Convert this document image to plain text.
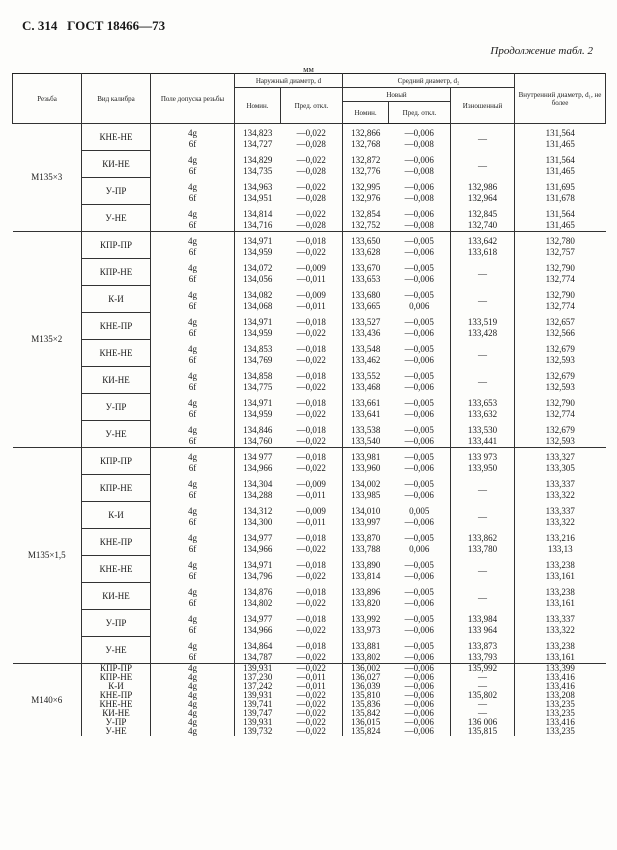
С. 314 ГОСТ 18466—73
Продолжение табл. 2
мм
Резьба	Вид калибра	Поле допуска резьбы	Наружный диаметр, d		Средний диаметр, d₂			Внутренний диаметр, d₁, не более
			Номин.	Пред. откл.	Новый		Изношенный	
					Номин.	Пред. откл.		
M135×3	КНЕ-НЕ	4g	134,823	—0,022	132,866	—0,006	—	131,564
		6f	134,727	—0,028	132,768	—0,008		131,465
	КИ-НЕ	4g	134,829	—0,022	132,872	—0,006	—	131,564
		6f	134,735	—0,028	132,776	—0,008		131,465
	У-ПР	4g	134,963	—0,022	132,995	—0,006	132,986	131,695
		6f	134,951	—0,028	132,976	—0,008	132,964	131,678
	У-НЕ	4g	134,814	—0,022	132,854	—0,006	132,845	131,564
		6f	134,716	—0,028	132,752	—0,008	132,740	131,465
M135×2	КПР-ПР	4g	134,971	—0,018	133,650	—0,005	133,642	132,780
		6f	134,959	—0,022	133,628	—0,006	133,618	132,757
	КПР-НЕ	4g	134,072	—0,009	133,670	—0,005	—	132,790
		6f	134,056	—0,011	133,653	—0,006		132,774
	К-И	4g	134,082	—0,009	133,680	—0,005	—	132,790
		6f	134,068	—0,011	133,665	0,006		132,774
	КНЕ-ПР	4g	134,971	—0,018	133,527	—0,005	133,519	132,657
		6f	134,959	—0,022	133,436	—0,006	133,428	132,566
	КНЕ-НЕ	4g	134,853	—0,018	133,548	—0,005	—	132,679
		6f	134,769	—0,022	133,462	—0,006		132,593
	КИ-НЕ	4g	134,858	—0,018	133,552	—0,005	—	132,679
		6f	134,775	—0,022	133,468	—0,006		132,593
	У-ПР	4g	134,971	—0,018	133,661	—0,005	133,653	132,790
		6f	134,959	—0,022	133,641	—0,006	133,632	132,774
	У-НЕ	4g	134,846	—0,018	133,538	—0,005	133,530	132,679
		6f	134,760	—0,022	133,540	—0,006	133,441	132,593
M135×1,5	КПР-ПР	4g	134 977	—0,018	133,981	—0,005	133 973	133,327
		6f	134,966	—0,022	133,960	—0,006	133,950	133,305
	КПР-НЕ	4g	134,304	—0,009	134,002	—0,005	—	133,337
		6f	134,288	—0,011	133,985	—0,006		133,322
	К-И	4g	134,312	—0,009	134,010	0,005	—	133,337
		6f	134,300	—0,011	133,997	—0,006		133,322
	КНЕ-ПР	4g	134,977	—0,018	133,870	—0,005	133,862	133,216
		6f	134,966	—0,022	133,788	0,006	133,780	133,13
	КНЕ-НЕ	4g	134,971	—0,018	133,890	—0,005	—	133,238
		6f	134,796	—0,022	133,814	—0,006		133,161
	КИ-НЕ	4g	134,876	—0,018	133,896	—0,005	—	133,238
		6f	134,802	—0,022	133,820	—0,006		133,161
	У-ПР	4g	134,977	—0,018	133,992	—0,005	133,984	133,337
		6f	134,966	—0,022	133,973	—0,006	133 964	133,322
	У-НЕ	4g	134,864	—0,018	133,881	—0,005	133,873	133,238
		6f	134,787	—0,022	133,802	—0,006	133,793	133,161
M140×6	КПР-ПР	4g	139,931	—0,022	136,002	—0,006	135,992	133,399
	КПР-НЕ	4g	137,230	—0,011	136,027	—0,006	—	133,416
	К-И	4g	137,242	—0,011	136,039	—0,006	—	133,416
	КНЕ-ПР	4g	139,931	—0,022	135,810	—0,006	135,802	133,208
	КНЕ-НЕ	4g	139,741	—0,022	135,836	—0,006	—	133,235
	КИ-НЕ	4g	139,747	—0,022	135,842	—0,006	—	133,235
	У-ПР	4g	139,931	—0,022	136,015	—0,006	136 006	133,416
	У-НЕ	4g	139,732	—0,022	135,824	—0,006	135,815	133,235
